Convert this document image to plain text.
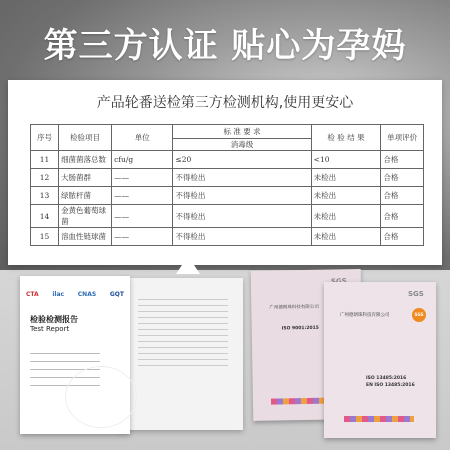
第三方认证 贴心为孕妈
产品轮番送检第三方检测机构,使用更安心
序号	检验项目	单位	标 准 要 求	检 验 结 果	单项评价
			消毒级		
11	细菌菌落总数	cfu/g	≤20	<10	合格
12	大肠菌群	——	不得检出	未检出	合格
13	绿脓杆菌	——	不得检出	未检出	合格
14	金黄色葡萄球菌	——	不得检出	未检出	合格
15	溶血性链球菌	——	不得检出	未检出	合格
CTA ilac CNAS GQT
检验检测报告
Test Report
广州德朗珠科技有限公司
ISO 9001:2015
SGS
广州德朗珠科技有限公司	SGS
ISO 13485:2016
EN ISO 13485:2016
